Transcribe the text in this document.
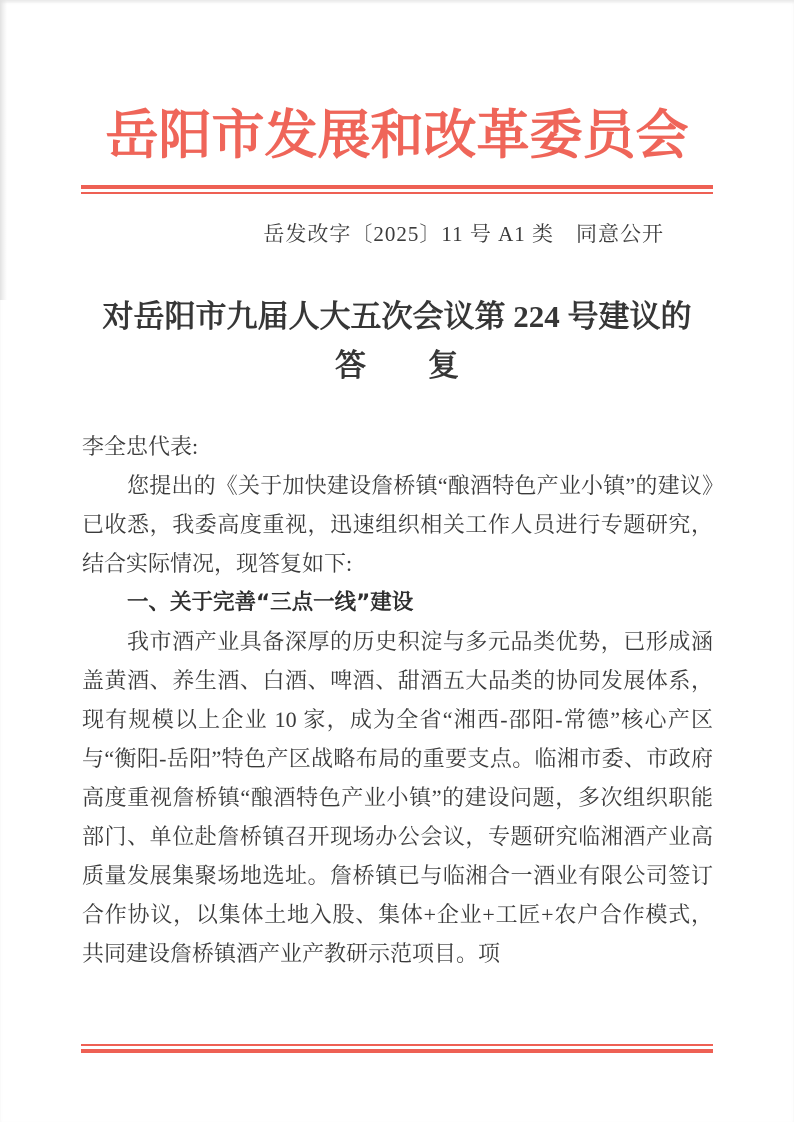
岳阳市发展和改革委员会
岳发改字〔2025〕11 号 A1 类　同意公开
对岳阳市九届人大五次会议第 224 号建议的
答　　复

李全忠代表:

您提出的《关于加快建设詹桥镇“酿酒特色产业小镇”的建议》已收悉，我委高度重视，迅速组织相关工作人员进行专题研究，结合实际情况，现答复如下:

一、关于完善“三点一线”建设

我市酒产业具备深厚的历史积淀与多元品类优势，已形成涵盖黄酒、养生酒、白酒、啤酒、甜酒五大品类的协同发展体系，现有规模以上企业 10 家，成为全省“湘西-邵阳-常德”核心产区与“衡阳-岳阳”特色产区战略布局的重要支点。临湘市委、市政府高度重视詹桥镇“酿酒特色产业小镇”的建设问题，多次组织职能部门、单位赴詹桥镇召开现场办公会议，专题研究临湘酒产业高质量发展集聚场地选址。詹桥镇已与临湘合一酒业有限公司签订合作协议，以集体土地入股、集体+企业+工匠+农户合作模式，共同建设詹桥镇酒产业产教研示范项目。项
